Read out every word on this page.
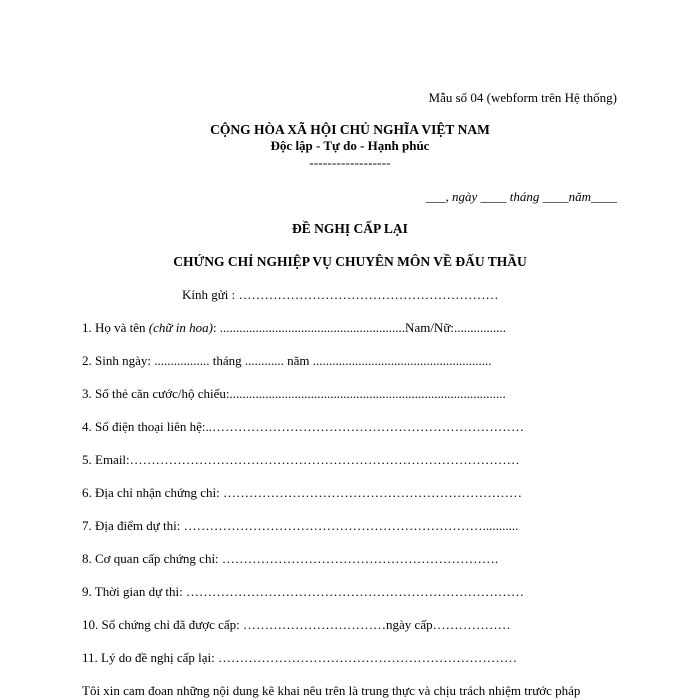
Mẫu số 04 (webform trên Hệ thống)
CỘNG HÒA XÃ HỘI CHỦ NGHĨA VIỆT NAM
Độc lập - Tự do - Hạnh phúc
------------------
___, ngày ____ tháng ____năm____
ĐỀ NGHỊ CẤP LẠI
CHỨNG CHỈ NGHIỆP VỤ CHUYÊN MÔN VỀ ĐẤU THẦU
Kính gửi : ……………………………………………………
1. Họ và tên (chữ in hoa): .........................................................Nam/Nữ:................
2. Sinh ngày: ................. tháng ............ năm .......................................................
3. Số thẻ căn cước/hộ chiếu:.....................................................................................
4. Số điện thoại liên hệ:..………………………………………………………………
5. Email:………………………………………………………………………………
6. Địa chỉ nhận chứng chỉ: ……………………………………………………………
7. Địa điểm dự thi: ……………………………………………………………...........
8. Cơ quan cấp chứng chỉ: ……………………………………………………….
9. Thời gian dự thi: ……………………………………………………………………
10. Số chứng chỉ đã được cấp: ……………………………ngày cấp………………
11. Lý do đề nghị cấp lại: ……………………………………………………………
Tôi xin cam đoan những nội dung kê khai nêu trên là trung thực và chịu trách nhiệm trước pháp
